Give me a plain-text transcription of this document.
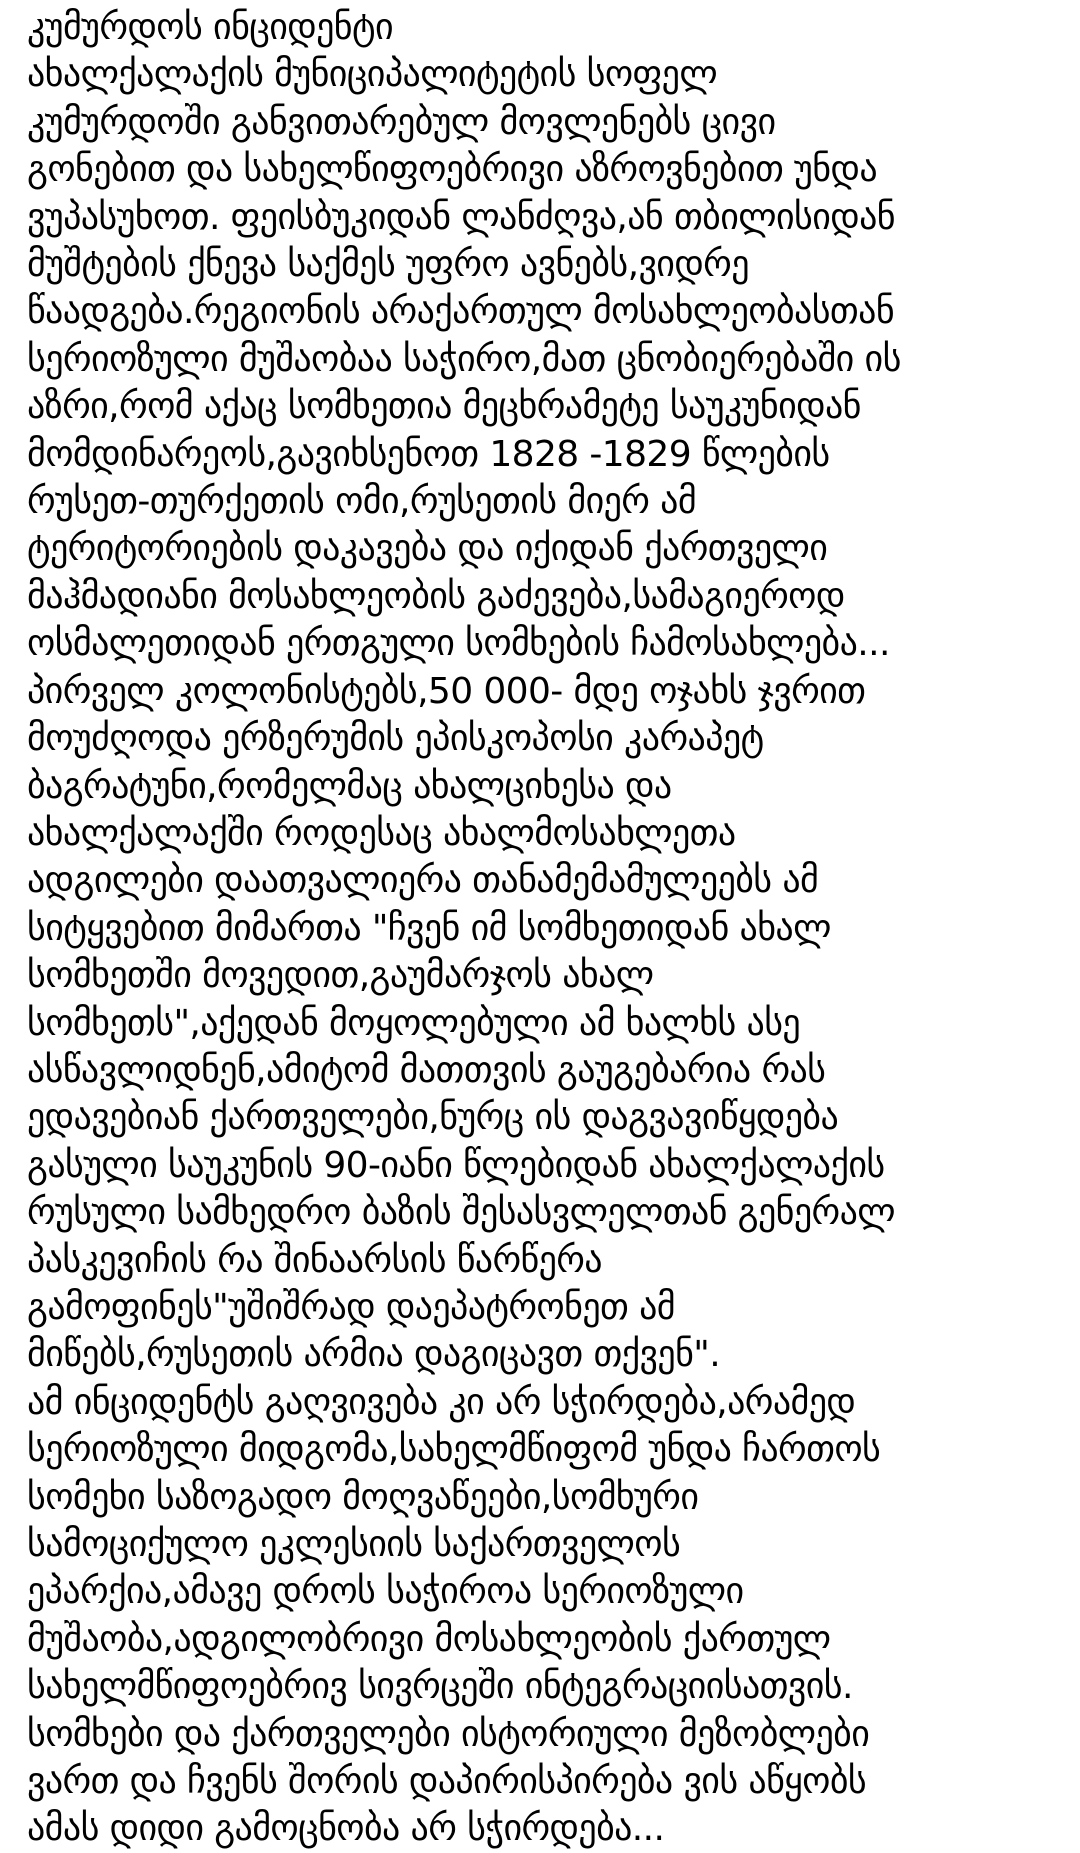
კუმურდოს ინციდენტი
ახალქალაქის მუნიციპალიტეტის სოფელ
კუმურდოში განვითარებულ მოვლენებს ცივი
გონებით და სახელწიფოებრივი აზროვნებით უნდა
ვუპასუხოთ. ფეისბუკიდან ლანძღვა,ან თბილისიდან
მუშტების ქნევა საქმეს უფრო ავნებს,ვიდრე
წაადგება.რეგიონის არაქართულ მოსახლეობასთან
სერიოზული მუშაობაა საჭირო,მათ ცნობიერებაში ის
აზრი,რომ აქაც სომხეთია მეცხრამეტე საუკუნიდან
მომდინარეოს,გავიხსენოთ 1828 -1829 წლების
რუსეთ-თურქეთის ომი,რუსეთის მიერ ამ
ტერიტორიების დაკავება და იქიდან ქართველი
მაჰმადიანი მოსახლეობის გაძევება,სამაგიეროდ
ოსმალეთიდან ერთგული სომხების ჩამოსახლება...
პირველ კოლონისტებს,50 000- მდე ოჯახს ჯვრით
მოუძღოდა ერზერუმის ეპისკოპოსი კარაპეტ
ბაგრატუნი,რომელმაც ახალციხესა და
ახალქალაქში როდესაც ახალმოსახლეთა
ადგილები დაათვალიერა თანამემამულეებს ამ
სიტყვებით მიმართა "ჩვენ იმ სომხეთიდან ახალ
სომხეთში მოვედით,გაუმარჯოს ახალ
სომხეთს",აქედან მოყოლებული ამ ხალხს ასე
ასწავლიდნენ,ამიტომ მათთვის გაუგებარია რას
ედავებიან ქართველები,ნურც ის დაგვავიწყდება
გასული საუკუნის 90-იანი წლებიდან ახალქალაქის
რუსული სამხედრო ბაზის შესასვლელთან გენერალ
პასკევიჩის რა შინაარსის წარწერა
გამოფინეს"უშიშრად დაეპატრონეთ ამ
მიწებს,რუსეთის არმია დაგიცავთ თქვენ".
ამ ინციდენტს გაღვივება კი არ სჭირდება,არამედ
სერიოზული მიდგომა,სახელმწიფომ უნდა ჩართოს
სომეხი საზოგადო მოღვაწეები,სომხური
სამოციქულო ეკლესიის საქართველოს
ეპარქია,ამავე დროს საჭიროა სერიოზული
მუშაობა,ადგილობრივი მოსახლეობის ქართულ
სახელმწიფოებრივ სივრცეში ინტეგრაციისათვის.
სომხები და ქართველები ისტორიული მეზობლები
ვართ და ჩვენს შორის დაპირისპირება ვის აწყობს
ამას დიდი გამოცნობა არ სჭირდება...
